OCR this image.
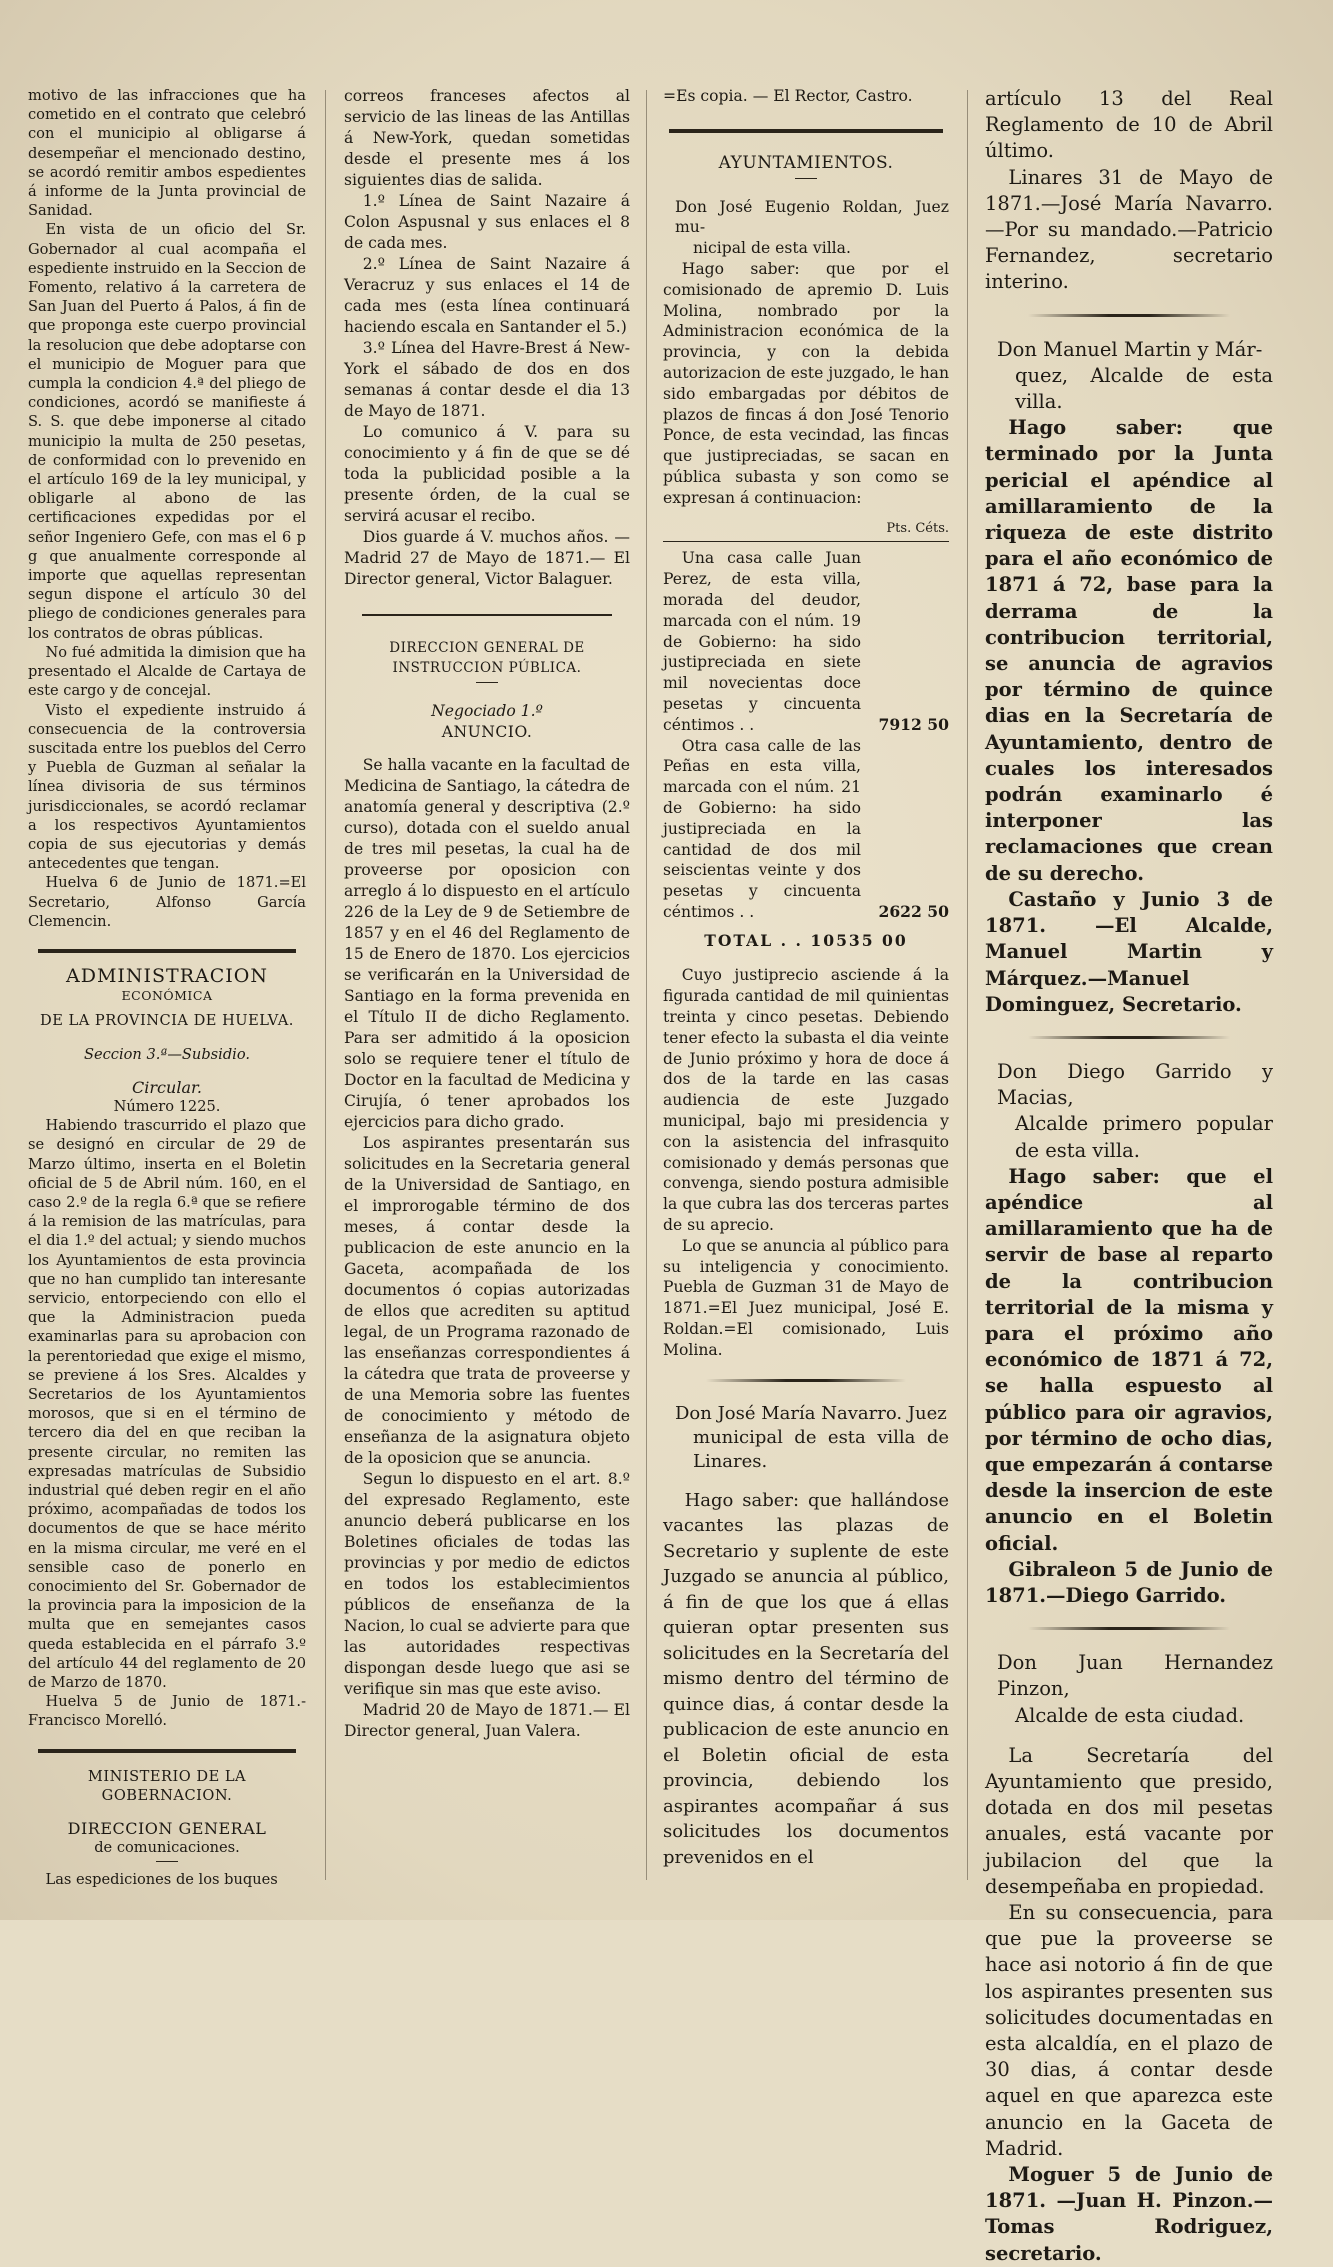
motivo de las infracciones que ha cometido en el contrato que celebró con el municipio al obligarse á desempeñar el mencionado destino, se acordó remitir ambos espedientes á informe de la Junta provincial de Sanidad.

En vista de un oficio del Sr. Gobernador al cual acompaña el espediente instruido en la Seccion de Fomento, relativo á la carretera de San Juan del Puerto á Palos, á fin de que proponga este cuerpo provincial la resolucion que debe adoptarse con el municipio de Moguer para que cumpla la condicion 4.ª del pliego de condiciones, acordó se manifieste á S. S. que debe imponerse al citado municipio la multa de 250 pesetas, de conformidad con lo prevenido en el artículo 169 de la ley municipal, y obligarle al abono de las certificaciones expedidas por el señor Ingeniero Gefe, con mas el 6 p g que anualmente corresponde al importe que aquellas representan segun dispone el artículo 30 del pliego de condiciones generales para los contratos de obras públicas.

No fué admitida la dimision que ha presentado el Alcalde de Cartaya de este cargo y de concejal.

Visto el expediente instruido á consecuencia de la controversia suscitada entre los pueblos del Cerro y Puebla de Guzman al señalar la línea divisoria de sus términos jurisdiccionales, se acordó reclamar a los respectivos Ayuntamientos copia de sus ejecutorias y demás antecedentes que tengan.

Huelva 6 de Junio de 1871.=El Secretario, Alfonso García Clemencin.

ADMINISTRACION
ECONÓMICA
DE LA PROVINCIA DE HUELVA.
Seccion 3.ª—Subsidio.
Circular.
Número 1225.

Habiendo trascurrido el plazo que se designó en circular de 29 de Marzo último, inserta en el Boletin oficial de 5 de Abril núm. 160, en el caso 2.º de la regla 6.ª que se refiere á la remision de las matrículas, para el dia 1.º del actual; y siendo muchos los Ayuntamientos de esta provincia que no han cumplido tan interesante servicio, entorpeciendo con ello el que la Administracion pueda examinarlas para su aprobacion con la perentoriedad que exige el mismo, se previene á los Sres. Alcaldes y Secretarios de los Ayuntamientos morosos, que si en el término de tercero dia del en que reciban la presente circular, no remiten las expresadas matrículas de Subsidio industrial qué deben regir en el año próximo, acompañadas de todos los documentos de que se hace mérito en la misma circular, me veré en el sensible caso de ponerlo en conocimiento del Sr. Gobernador de la provincia para la imposicion de la multa que en semejantes casos queda establecida en el párrafo 3.º del artículo 44 del reglamento de 20 de Marzo de 1870.

Huelva 5 de Junio de 1871.-Francisco Morelló.

MINISTERIO DE LA GOBERNACION.
DIRECCION GENERAL
de comunicaciones.

Las espediciones de los buques

correos franceses afectos al servicio de las lineas de las Antillas á New-York, quedan sometidas desde el presente mes á los siguientes dias de salida.

1.º Línea de Saint Nazaire á Colon Aspusnal y sus enlaces el 8 de cada mes.

2.º Línea de Saint Nazaire á Veracruz y sus enlaces el 14 de cada mes (esta línea continuará haciendo escala en Santander el 5.)

3.º Línea del Havre-Brest á New-York el sábado de dos en dos semanas á contar desde el dia 13 de Mayo de 1871.

Lo comunico á V. para su conocimiento y á fin de que se dé toda la publicidad posible a la presente órden, de la cual se servirá acusar el recibo.

Dios guarde á V. muchos años. —Madrid 27 de Mayo de 1871.— El Director general, Victor Balaguer.

DIRECCION GENERAL DE INSTRUCCION PÚBLICA.
Negociado 1.º
ANUNCIO.

Se halla vacante en la facultad de Medicina de Santiago, la cátedra de anatomía general y descriptiva (2.º curso), dotada con el sueldo anual de tres mil pesetas, la cual ha de proveerse por oposicion con arreglo á lo dispuesto en el artículo 226 de la Ley de 9 de Setiembre de 1857 y en el 46 del Reglamento de 15 de Enero de 1870. Los ejercicios se verificarán en la Universidad de Santiago en la forma prevenida en el Título II de dicho Reglamento. Para ser admitido á la oposicion solo se requiere tener el título de Doctor en la facultad de Medicina y Cirujía, ó tener aprobados los ejercicios para dicho grado.

Los aspirantes presentarán sus solicitudes en la Secretaria general de la Universidad de Santiago, en el improrogable término de dos meses, á contar desde la publicacion de este anuncio en la Gaceta, acompañada de los documentos ó copias autorizadas de ellos que acrediten su aptitud legal, de un Programa razonado de las enseñanzas correspondientes á la cátedra que trata de proveerse y de una Memoria sobre las fuentes de conocimiento y método de enseñanza de la asignatura objeto de la oposicion que se anuncia.

Segun lo dispuesto en el art. 8.º del expresado Reglamento, este anuncio deberá publicarse en los Boletines oficiales de todas las provincias y por medio de edictos en todos los establecimientos públicos de enseñanza de la Nacion, lo cual se advierte para que las autoridades respectivas dispongan desde luego que asi se verifique sin mas que este aviso.

Madrid 20 de Mayo de 1871.— El Director general, Juan Valera.

=Es copia. — El Rector, Castro.

AYUNTAMIENTOS.
Don José Eugenio Roldan, Juez mu-
nicipal de esta villa.

Hago saber: que por el comisionado de apremio D. Luis Molina, nombrado por la Administracion económica de la provincia, y con la debida autorizacion de este juzgado, le han sido embargadas por débitos de plazos de fincas á don José Tenorio Ponce, de esta vecindad, las fincas que justipreciadas, se sacan en pública subasta y son como se expresan á continuacion:

Pts. Céts.
Una casa calle Juan Perez, de esta villa, morada del deudor, marcada con el núm. 19 de Gobierno: ha sido justipreciada en siete mil novecientas doce pesetas y cincuenta céntimos . .	7912 50
Otra casa calle de las Peñas en esta villa, marcada con el núm. 21 de Gobierno: ha sido justipreciada en la cantidad de dos mil seiscientas veinte y dos pesetas y cincuenta céntimos . .	2622 50
TOTAL . . 10535 00

Cuyo justiprecio asciende á la figurada cantidad de mil quinientas treinta y cinco pesetas. Debiendo tener efecto la subasta el dia veinte de Junio próximo y hora de doce á dos de la tarde en las casas audiencia de este Juzgado municipal, bajo mi presidencia y con la asistencia del infrasquito comisionado y demás personas que convenga, siendo postura admisible la que cubra las dos terceras partes de su aprecio.

Lo que se anuncia al público para su inteligencia y conocimiento. Puebla de Guzman 31 de Mayo de 1871.=El Juez municipal, José E. Roldan.=El comisionado, Luis Molina.

Don José María Navarro. Juez
municipal de esta villa de Linares.

Hago saber: que hallándose vacantes las plazas de Secretario y suplente de este Juzgado se anuncia al público, á fin de que los que á ellas quieran optar presenten sus solicitudes en la Secretaría del mismo dentro del término de quince dias, á contar desde la publicacion de este anuncio en el Boletin oficial de esta provincia, debiendo los aspirantes acompañar á sus solicitudes los documentos prevenidos en el

artículo 13 del Real Reglamento de 10 de Abril último.

Linares 31 de Mayo de 1871.—José María Navarro. —Por su mandado.—Patricio Fernandez, secretario interino.

Don Manuel Martin y Már-
quez, Alcalde de esta villa.

Hago saber: que terminado por la Junta pericial el apéndice al amillaramiento de la riqueza de este distrito para el año económico de 1871 á 72, base para la derrama de la contribucion territorial, se anuncia de agravios por término de quince dias en la Secretaría de Ayuntamiento, dentro de cuales los interesados podrán examinarlo é interponer las reclamaciones que crean de su derecho.

Castaño y Junio 3 de 1871. —El Alcalde, Manuel Martin y Márquez.—Manuel Dominguez, Secretario.

Don Diego Garrido y Macias,
Alcalde primero popular de esta villa.

Hago saber: que el apéndice al amillaramiento que ha de servir de base al reparto de la contribucion territorial de la misma y para el próximo año económico de 1871 á 72, se halla espuesto al público para oir agravios, por término de ocho dias, que empezarán á contarse desde la insercion de este anuncio en el Boletin oficial.

Gibraleon 5 de Junio de 1871.—Diego Garrido.

Don Juan Hernandez Pinzon,
Alcalde de esta ciudad.

La Secretaría del Ayuntamiento que presido, dotada en dos mil pesetas anuales, está vacante por jubilacion del que la desempeñaba en propiedad.

En su consecuencia, para que pue la proveerse se hace asi notorio á fin de que los aspirantes presenten sus solicitudes documentadas en esta alcaldía, en el plazo de 30 dias, á contar desde aquel en que aparezca este anuncio en la Gaceta de Madrid.

Moguer 5 de Junio de 1871. —Juan H. Pinzon.—Tomas Rodriguez, secretario.
